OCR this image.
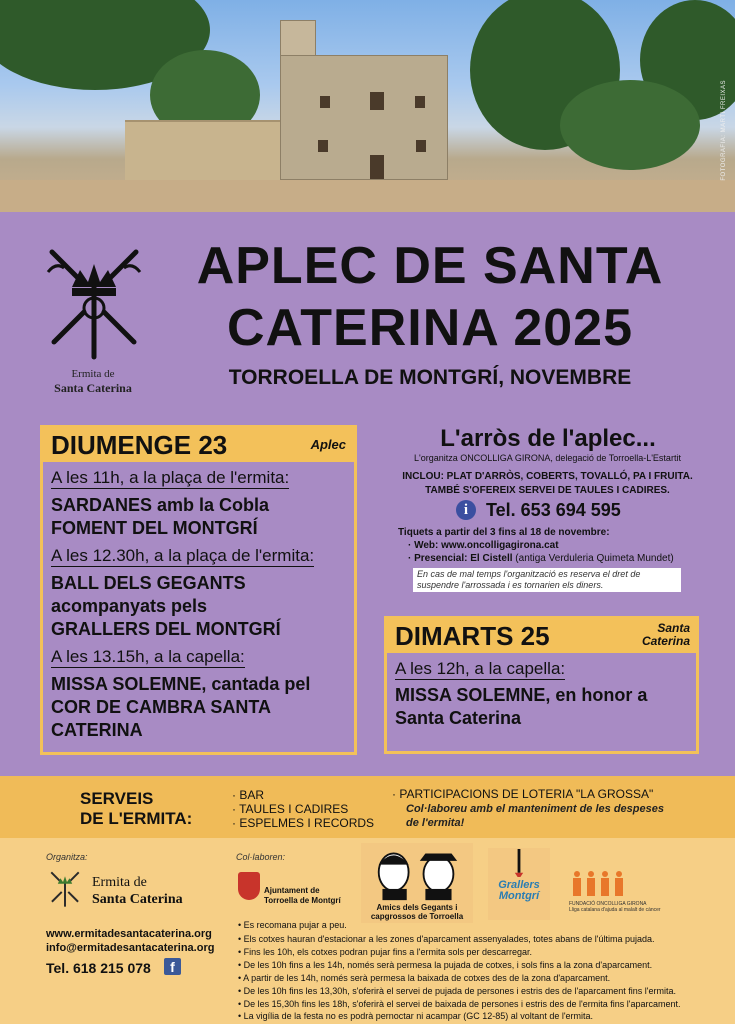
FOTOGRAFIA: MARTÍ FREIXAS
Ermita de
Santa Caterina
APLEC DE SANTA
CATERINA 2025
TORROELLA DE MONTGRÍ, NOVEMBRE
DIUMENGE 23	Aplec
A les 11h, a la plaça de l'ermita:
SARDANES amb la Cobla
FOMENT DEL MONTGRÍ
A les 12.30h, a la plaça de l'ermita:
BALL DELS GEGANTS
acompanyats pels
GRALLERS DEL MONTGRÍ
A les 13.15h, a la capella:
MISSA SOLEMNE, cantada pel
COR DE CAMBRA SANTA
CATERINA
L'arròs de l'aplec...
L'organitza ONCOLLIGA GIRONA, delegació de Torroella-L'Estartit
INCLOU: PLAT D'ARRÒS, COBERTS, TOVALLÓ, PA I FRUITA.
TAMBÉ S'OFEREIX SERVEI DE TAULES I CADIRES.
i Tel. 653 694 595
Tiquets a partir del 3 fins al 18 de novembre:
· Web: www.oncolligagirona.cat
· Presencial: El Cistell (antiga Verduleria Quimeta Mundet)
En cas de mal temps l'organització es reserva el dret de suspendre l'arrossada i es tornarien els diners.
DIMARTS 25	Santa
Caterina
A les 12h, a la capella:
MISSA SOLEMNE, en honor a
Santa Caterina
SERVEIS
DE L'ERMITA:
· BAR
· TAULES I CADIRES
· ESPELMES I RECORDS
· PARTICIPACIONS DE LOTERIA "LA GROSSA"
Col·laboreu amb el manteniment de les despeses
de l'ermita!
Organitza:	Col·laboren:
Ermita de
Santa Caterina
www.ermitadesantacaterina.org
info@ermitadesantacaterina.org
Tel. 618 215 078	f
Ajuntament de
Torroella de Montgrí
Amics dels Gegants i
capgrossos de Torroella
Grallers
Montgrí
FUNDACIÓ ONCOLLIGA GIRONA
Lliga catalana d'ajuda al malalt de càncer
• Es recomana pujar a peu.
• Els cotxes hauran d'estacionar a les zones d'aparcament assenyalades, totes abans de l'última pujada.
• Fins les 10h, els cotxes podran pujar fins a l'ermita sols per descarregar.
• De les 10h fins a les 14h, només serà permesa la pujada de cotxes, i sols fins a la zona d'aparcament.
• A partir de les 14h, només serà permesa la baixada de cotxes des de la zona d'aparcament.
• De les 10h fins les 13,30h, s'oferirà el servei de pujada de persones i estris des de l'aparcament fins l'ermita.
• De les 15,30h fins les 18h, s'oferirà el servei de baixada de persones i estris des de l'ermita fins l'aparcament.
• La vigília de la festa no es podrà pernoctar ni acampar (GC 12-85) al voltant de l'ermita.
